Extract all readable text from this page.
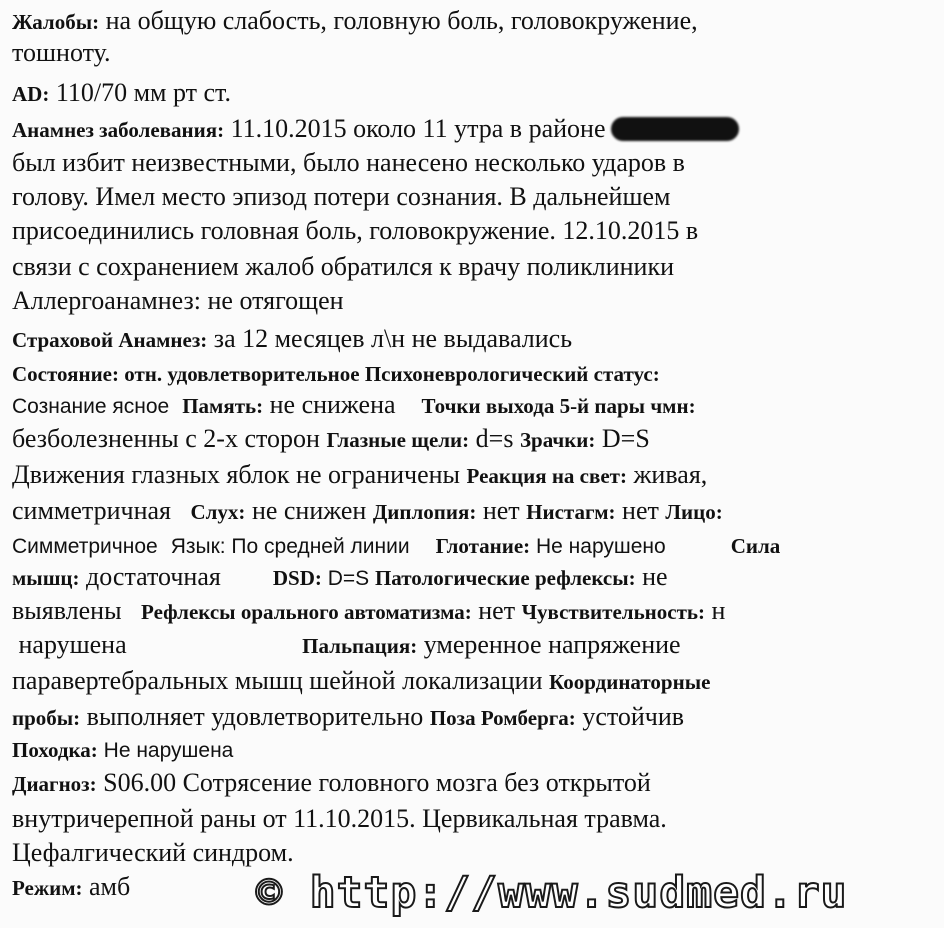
Жалобы: на общую слабость, головную боль, головокружение,
тошноту.
AD: 110/70 мм рт ст.
Анамнез заболевания: 11.10.2015 около 11 утра в районе
был избит неизвестными, было нанесено несколько ударов в
голову. Имел место эпизод потери сознания. В дальнейшем
присоединились головная боль, головокружение. 12.10.2015 в
связи с сохранением жалоб обратился к врачу поликлиники
Аллергоанамнез: не отягощен
Страховой Анамнез: за 12 месяцев л\н не выдавались
Состояние: отн. удовлетворительное Психоневрологический статус:
Сознание ясное Память: не снижена Точки выхода 5-й пары чмн:
безболезненны с 2-х сторон Глазные щели: d=s Зрачки: D=S
Движения глазных яблок не ограничены Реакция на свет: живая,
симметричная   Слух: не снижен Диплопия: нет Нистагм: нет Лицо:
Симметричное Язык: По средней линии Глотание: Не нарушено	Сила
мышц: достаточная DSD: D=S Патологические рефлексы: не
выявлены   Рефлексы орального автоматизма: нет Чувствительность: н
нарушена	Пальпация: умеренное напряжение
паравертебральных мышц шейной локализации Координаторные
пробы: выполняет удовлетворительно Поза Ромберга: устойчив
Походка: Не нарушена
Диагноз: S06.00 Сотрясение головного мозга без открытой
внутричерепной раны от 11.10.2015. Цервикальная травма.
Цефалгический синдром.
Режим: амб	© http://www.sudmed.ru
